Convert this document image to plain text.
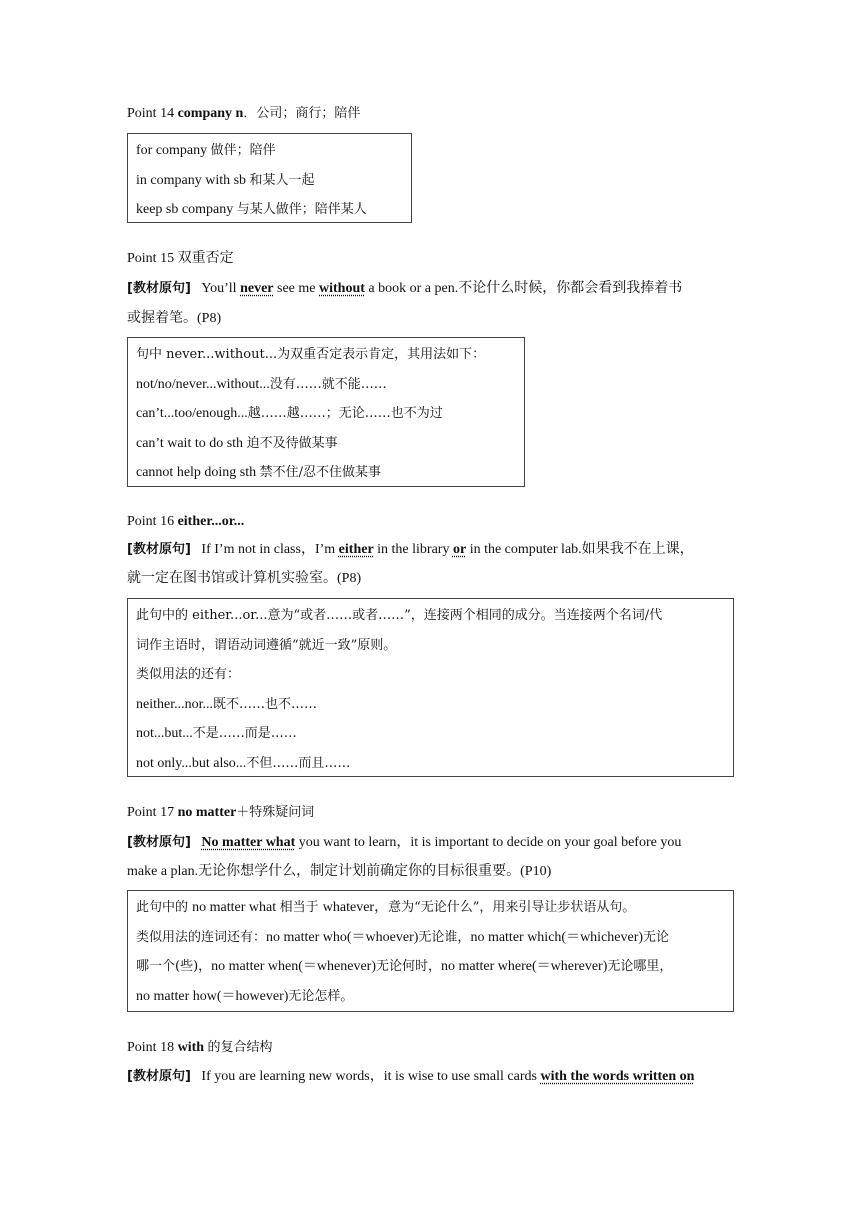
Point 14 company n．公司；商行；陪伴
for company 做伴；陪伴
in company with sb 和某人一起
keep sb company 与某人做伴；陪伴某人
Point 15 双重否定
[教材原句] You’ll never see me without a book or a pen.不论什么时候，你都会看到我捧着书
或握着笔。(P8)
句中 never...without...为双重否定表示肯定，其用法如下：
not/no/never...without...没有……就不能……
can’t...too/enough...越……越……；无论……也不为过
can’t wait to do sth 迫不及待做某事
cannot help doing sth 禁不住/忍不住做某事
Point 16 either...or...
[教材原句] If I’m not in class，I’m either in the library or in the computer lab.如果我不在上课，
就一定在图书馆或计算机实验室。(P8)
此句中的 either...or...意为“或者……或者……”，连接两个相同的成分。当连接两个名词/代
词作主语时，谓语动词遵循“就近一致”原则。
类似用法的还有：
neither...nor...既不……也不……
not...but...不是……而是……
not only...but also...不但……而且……
Point 17 no matter＋特殊疑问词
[教材原句] No matter what you want to learn，it is important to decide on your goal before you
make a plan.无论你想学什么，制定计划前确定你的目标很重要。(P10)
此句中的 no matter what 相当于 whatever，意为“无论什么”，用来引导让步状语从句。
类似用法的连词还有：no matter who(＝whoever)无论谁，no matter which(＝whichever)无论
哪一个(些)，no matter when(＝whenever)无论何时，no matter where(＝wherever)无论哪里，
no matter how(＝however)无论怎样。
Point 18 with 的复合结构
[教材原句] If you are learning new words，it is wise to use small cards with the words written on
